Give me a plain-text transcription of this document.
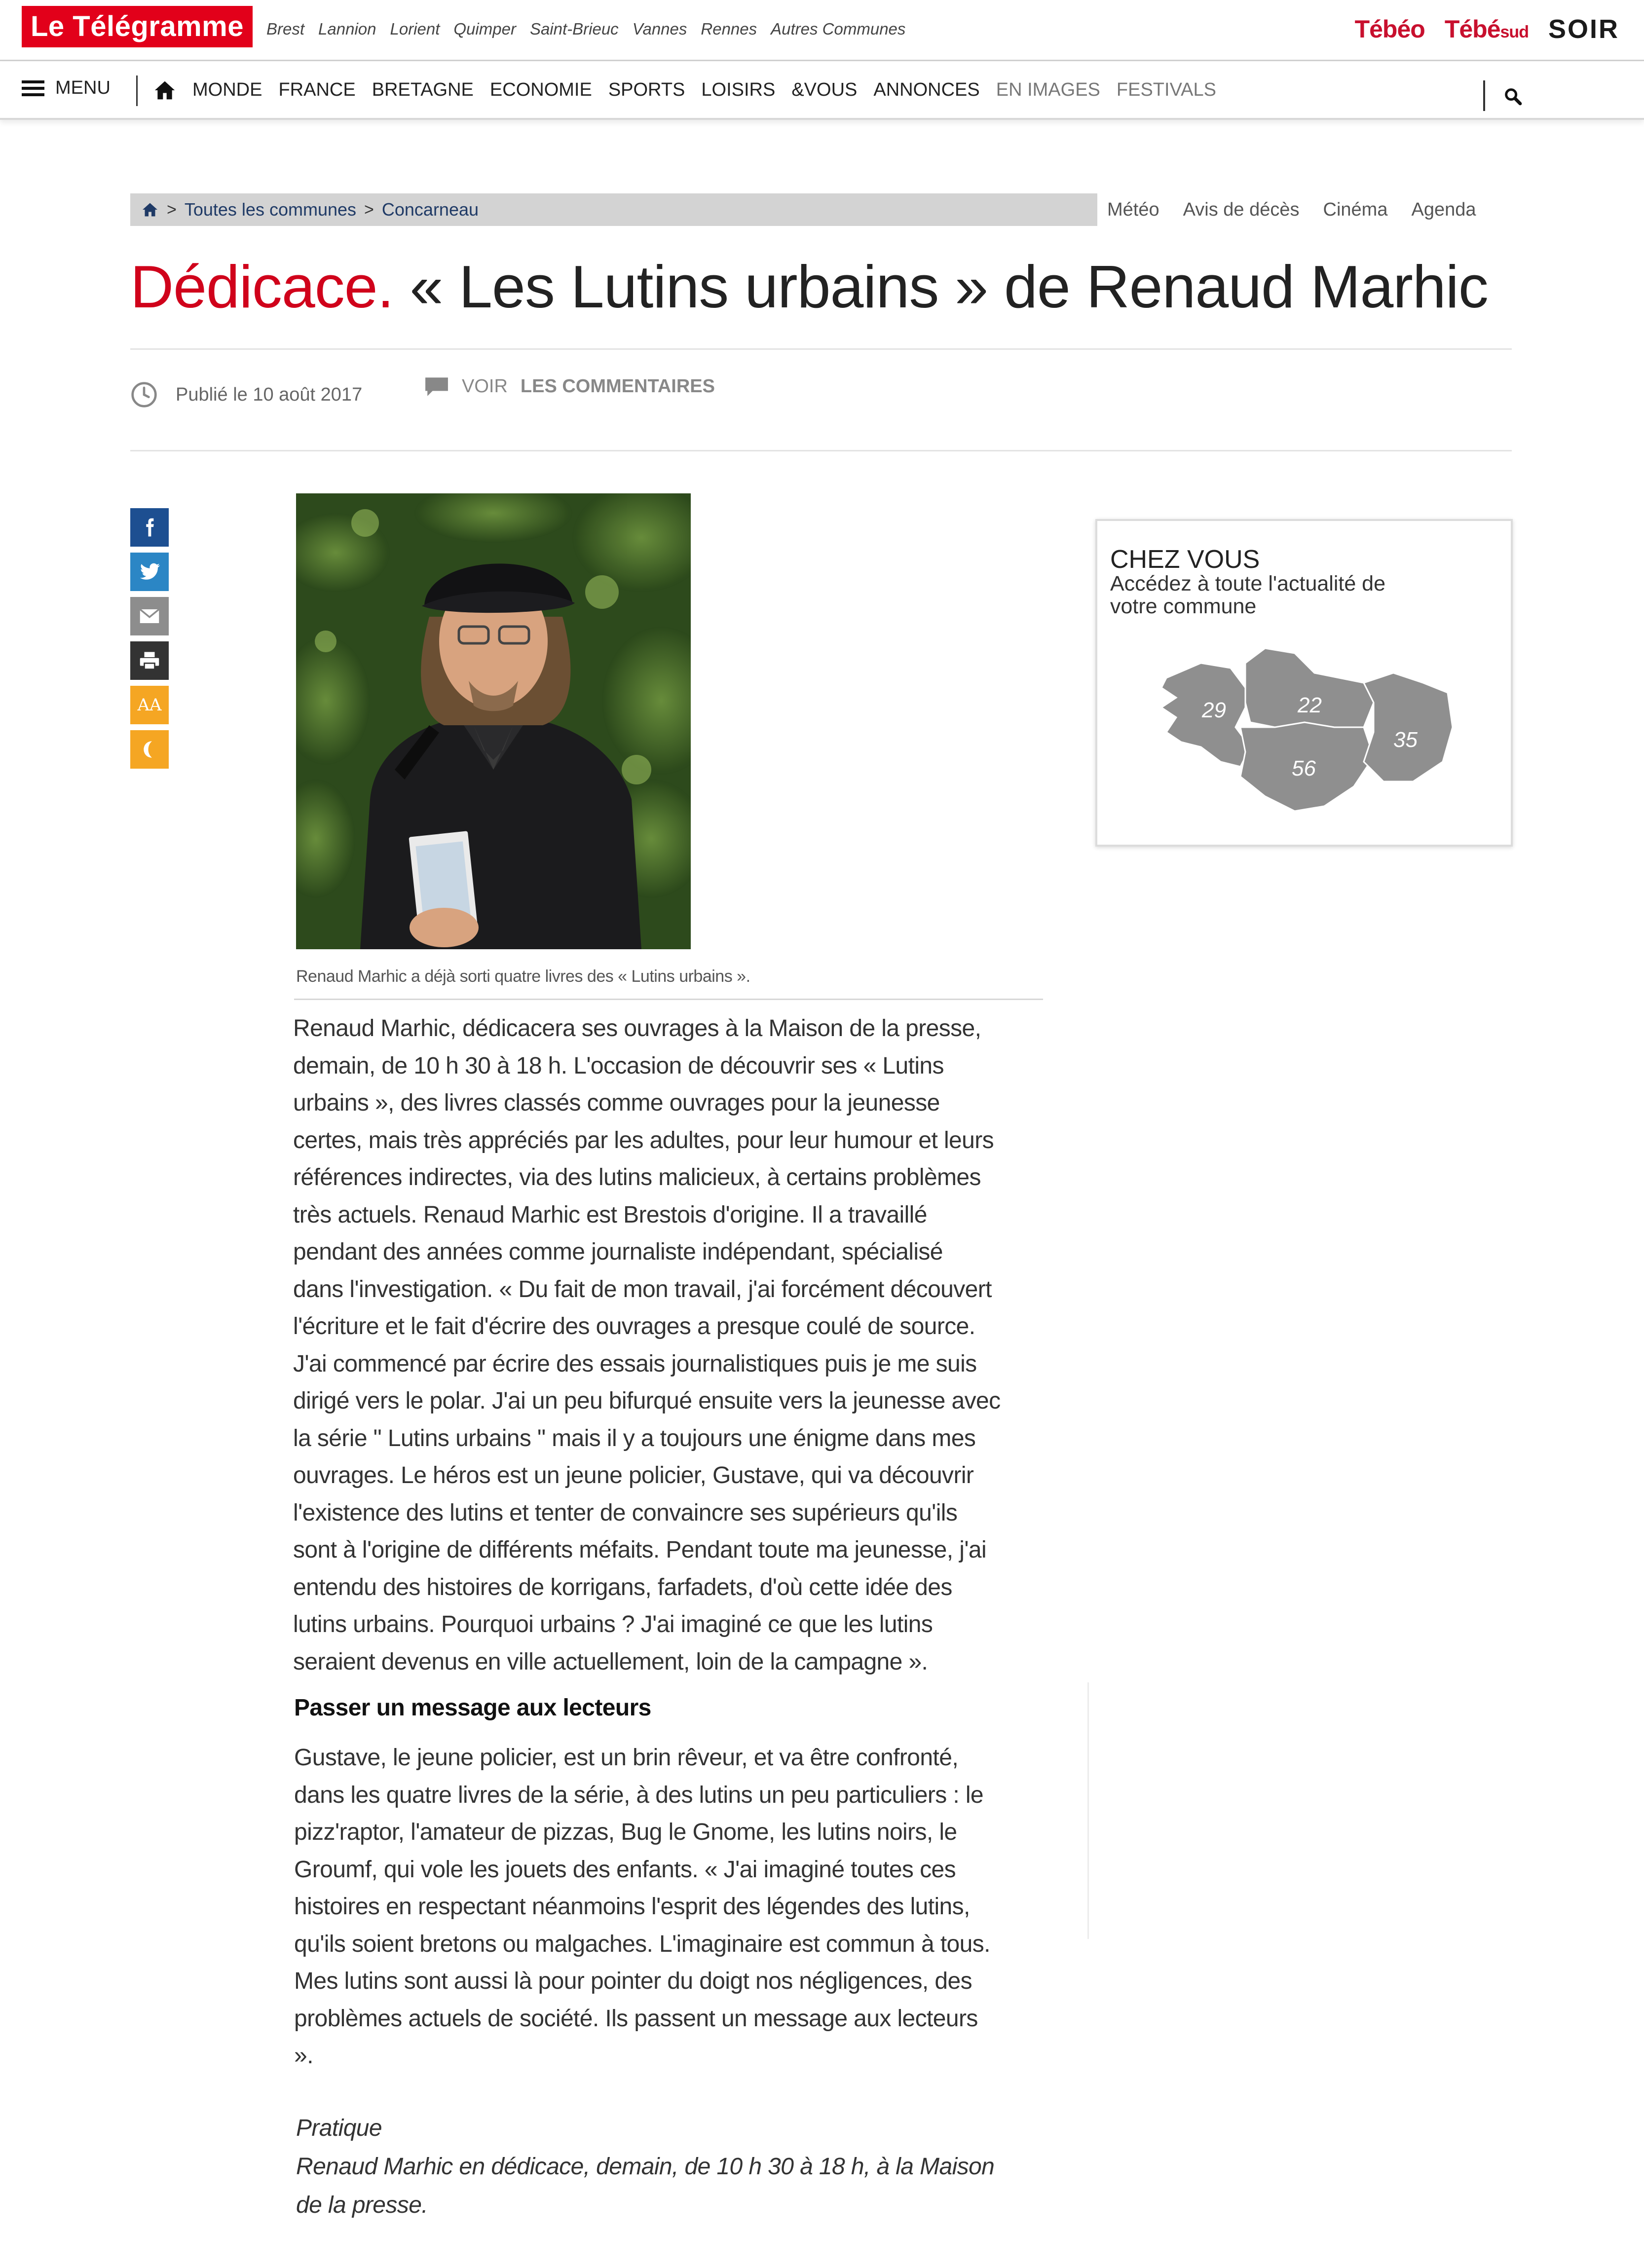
Le Télégramme	Brest Lannion Lorient Quimper Saint-Brieuc Vannes Rennes Autres Communes	Tébéo Tébésud SOIR
MENU	MONDE FRANCE BRETAGNE ECONOMIE SPORTS LOISIRS &VOUS ANNONCES EN IMAGES FESTIVALS
> Toutes les communes > Concarneau	Météo Avis de décès Cinéma Agenda
Dédicace. « Les Lutins urbains » de Renaud Marhic
Publié le 10 août 2017	VOIR LES COMMENTAIRES
AA
Renaud Marhic a déjà sorti quatre livres des « Lutins urbains ».

Renaud Marhic, dédicacera ses ouvrages à la Maison de la presse,

demain, de 10 h 30 à 18 h. L'occasion de découvrir ses « Lutins

urbains », des livres classés comme ouvrages pour la jeunesse

certes, mais très appréciés par les adultes, pour leur humour et leurs

références indirectes, via des lutins malicieux, à certains problèmes

très actuels. Renaud Marhic est Brestois d'origine. Il a travaillé

pendant des années comme journaliste indépendant, spécialisé

dans l'investigation. « Du fait de mon travail, j'ai forcément découvert

l'écriture et le fait d'écrire des ouvrages a presque coulé de source.

J'ai commencé par écrire des essais journalistiques puis je me suis

dirigé vers le polar. J'ai un peu bifurqué ensuite vers la jeunesse avec

la série " Lutins urbains " mais il y a toujours une énigme dans mes

ouvrages. Le héros est un jeune policier, Gustave, qui va découvrir

l'existence des lutins et tenter de convaincre ses supérieurs qu'ils

sont à l'origine de différents méfaits. Pendant toute ma jeunesse, j'ai

entendu des histoires de korrigans, farfadets, d'où cette idée des

lutins urbains. Pourquoi urbains ? J'ai imaginé ce que les lutins

seraient devenus en ville actuellement, loin de la campagne ».

Passer un message aux lecteurs

Gustave, le jeune policier, est un brin rêveur, et va être confronté,

dans les quatre livres de la série, à des lutins un peu particuliers : le

pizz'raptor, l'amateur de pizzas, Bug le Gnome, les lutins noirs, le

Groumf, qui vole les jouets des enfants. « J'ai imaginé toutes ces

histoires en respectant néanmoins l'esprit des légendes des lutins,

qu'ils soient bretons ou malgaches. L'imaginaire est commun à tous.

Mes lutins sont aussi là pour pointer du doigt nos négligences, des

problèmes actuels de société. Ils passent un message aux lecteurs

».

Pratique

Renaud Marhic en dédicace, demain, de 10 h 30 à 18 h, à la Maison

de la presse.

CHEZ VOUS
Accédez à toute l'actualité de votre commune
29	22
56
35
